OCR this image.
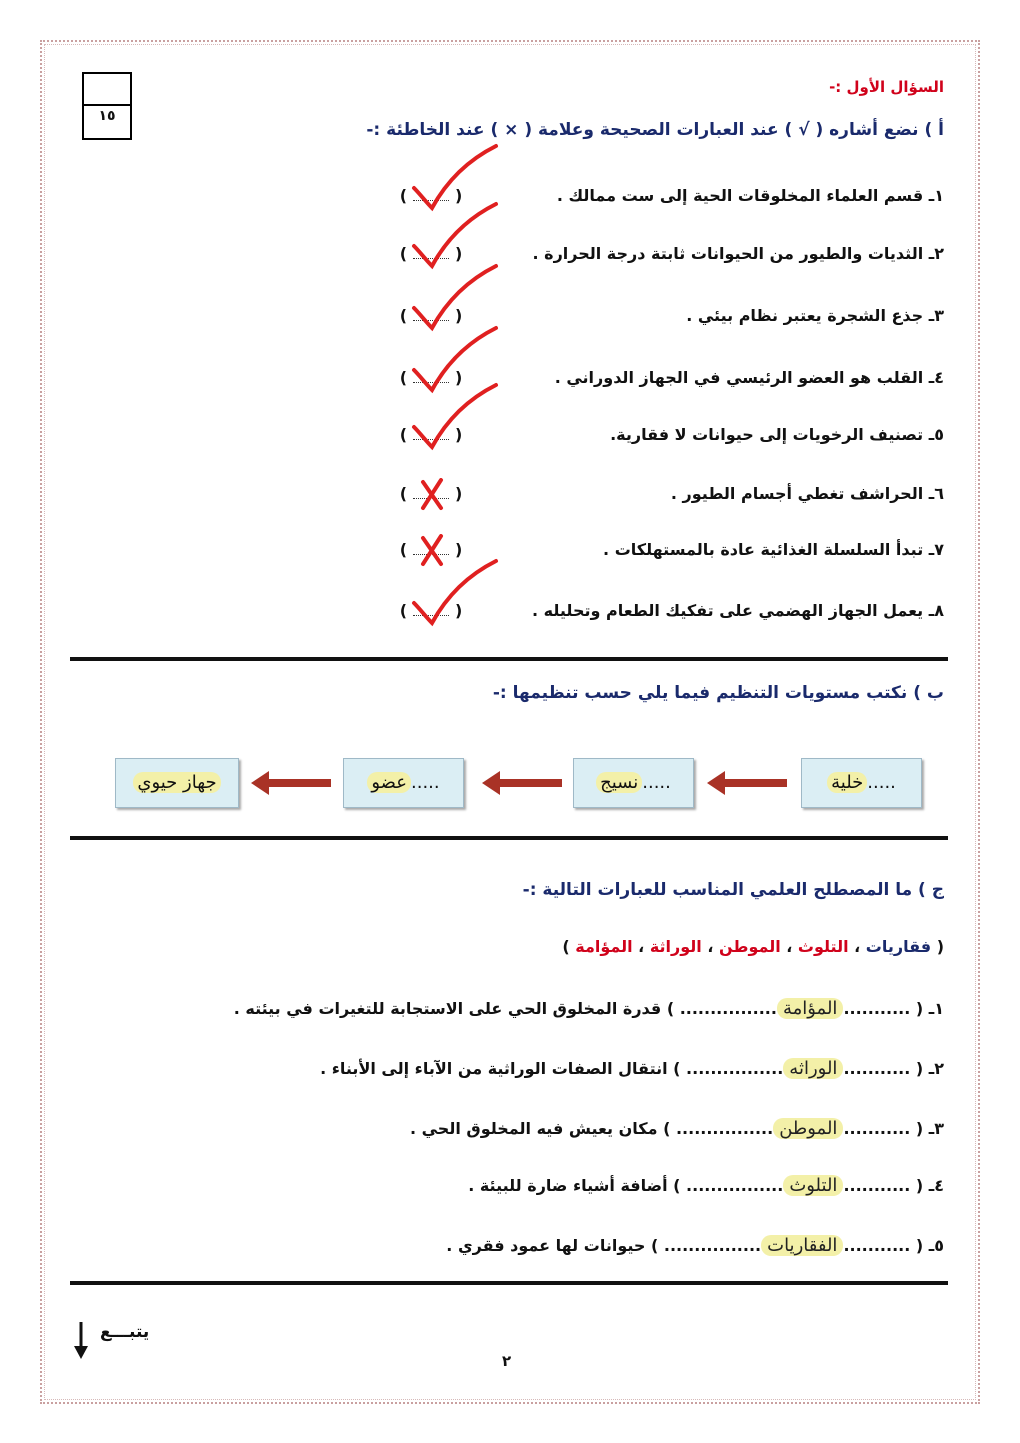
١٥
السؤال الأول :-
أ ) نضع أشاره ( √ ) عند العبارات الصحيحة وعلامة ( × ) عند الخاطئة :-
١ـ قسم العلماء المخلوقات الحية إلى ست ممالك .
(	)
٢ـ الثديات والطيور من الحيوانات ثابتة درجة الحرارة .
(	)
٣ـ جذع الشجرة يعتبر نظام بيئي .
(	)
٤ـ القلب هو العضو الرئيسي في الجهاز الدوراني .
(	)
٥ـ تصنيف الرخويات إلى حيوانات لا فقارية.
(	)
٦ـ الحراشف تغطي أجسام الطيور .
(	)
٧ـ تبدأ السلسلة الغذائية عادة بالمستهلكات .
(	)
٨ـ يعمل الجهاز الهضمي على تفكيك الطعام وتحليله .
(	)
ب ) نكتب مستويات التنظيم فيما يلي حسب تنظيمها :-
.....خلية
.....نسيج
.....عضو
جهاز حيوي
ج ) ما المصطلح العلمي المناسب للعبارات التالية :-
( فقاريات ، التلوث ، الموطن ، الوراثة ، المؤامة )
١ـ ( ...........المؤامة................ ) قدرة المخلوق الحي على الاستجابة للتغيرات في بيئته .
٢ـ ( ...........الوراثه................ ) انتقال الصفات الوراثية من الآباء إلى الأبناء .
٣ـ ( ...........الموطن................ ) مكان يعيش فيه المخلوق الحي .
٤ـ ( ...........التلوث................ ) أضافة أشياء ضارة للبيئة .
٥ـ ( ...........الفقاريات................ ) حيوانات لها عمود فقري .
يتبـــع
٢
